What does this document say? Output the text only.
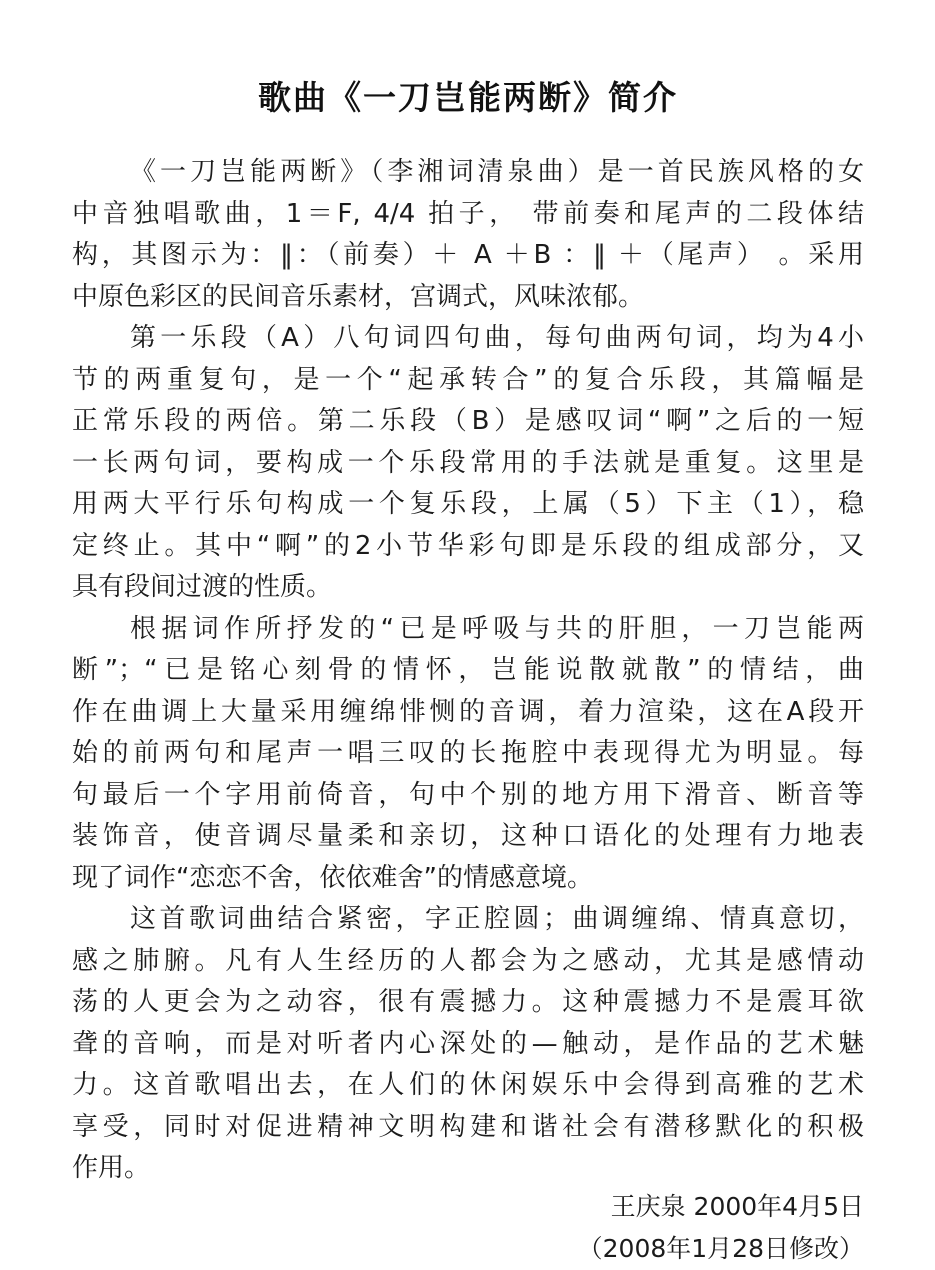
歌曲《一刀岂能两断》简介
《一刀岂能两断》（李湘词清泉曲）是一首民族风格的女
中音独唱歌曲，1＝F, 4/4 拍子， 带前奏和尾声的二段体结
构，其图示为：‖：（前奏）＋ A ＋B ：‖ ＋（尾声） 。采用
中原色彩区的民间音乐素材，宫调式，风味浓郁。
第一乐段（A）八句词四句曲，每句曲两句词，均为4小
节的两重复句，是一个“起承转合”的复合乐段，其篇幅是
正常乐段的两倍。第二乐段（B）是感叹词“啊”之后的一短
一长两句词，要构成一个乐段常用的手法就是重复。这里是
用两大平行乐句构成一个复乐段，上属（5）下主（1），稳
定终止。其中“啊”的2小节华彩句即是乐段的组成部分，又
具有段间过渡的性质。
根据词作所抒发的“已是呼吸与共的肝胆，一刀岂能两
断”；“已是铭心刻骨的情怀，岂能说散就散”的情结，曲
作在曲调上大量采用缠绵悱恻的音调，着力渲染，这在A段开
始的前两句和尾声一唱三叹的长拖腔中表现得尤为明显。每
句最后一个字用前倚音，句中个别的地方用下滑音、断音等
装饰音，使音调尽量柔和亲切，这种口语化的处理有力地表
现了词作“恋恋不舍，依依难舍”的情感意境。
这首歌词曲结合紧密，字正腔圆；曲调缠绵、情真意切，
感之肺腑。凡有人生经历的人都会为之感动，尤其是感情动
荡的人更会为之动容，很有震撼力。这种震撼力不是震耳欲
聋的音响，而是对听者内心深处的—触动，是作品的艺术魅
力。这首歌唱出去，在人们的休闲娱乐中会得到高雅的艺术
享受，同时对促进精神文明构建和谐社会有潜移默化的积极
作用。
王庆泉 2000年4月5日
（2008年1月28日修改）
